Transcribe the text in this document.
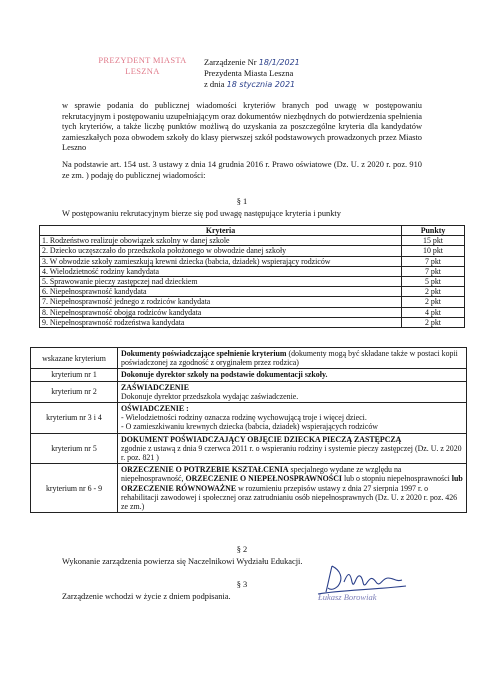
PREZYDENT MIASTA
LESZNA
Zarządzenie Nr 18/1/2021
Prezydenta Miasta Leszna
z dnia 18 stycznia 2021
w sprawie podania do publicznej wiadomości kryteriów branych pod uwagę w postępowaniu rekrutacyjnym i postępowaniu uzupełniającym oraz dokumentów niezbędnych do potwierdzenia spełnienia tych kryteriów, a także liczbę punktów możliwą do uzyskania za poszczególne kryteria dla kandydatów zamieszkałych poza obwodem szkoły do klasy pierwszej szkół podstawowych prowadzonych przez Miasto Leszno
Na podstawie art. 154 ust. 3 ustawy z dnia 14 grudnia 2016 r. Prawo oświatowe (Dz. U. z 2020 r. poz. 910 ze zm. ) podaję do publicznej wiadomości:
§ 1
W postępowaniu rekrutacyjnym bierze się pod uwagę następujące kryteria i punkty
Kryteria	Punkty
1. Rodzeństwo realizuje obowiązek szkolny w danej szkole	15 pkt
2. Dziecko uczęszczało do przedszkola położonego w obwodzie danej szkoły	10 pkt
3. W obwodzie szkoły zamieszkują krewni dziecka (babcia, dziadek) wspierający rodziców	7 pkt
4. Wielodzietność rodziny kandydata	7 pkt
5. Sprawowanie pieczy zastępczej nad dzieckiem	5 pkt
6. Niepełnosprawność kandydata	2 pkt
7. Niepełnosprawność jednego z rodziców kandydata	2 pkt
8. Niepełnosprawność obojga rodziców kandydata	4 pkt
9. Niepełnosprawność rodzeństwa kandydata	2 pkt
wskazane kryterium	Dokumenty poświadczające spełnienie kryterium (dokumenty mogą być składane także w postaci kopii poświadczonej za zgodność z oryginałem przez rodzica)
kryterium nr 1	Dokonuje dyrektor szkoły na podstawie dokumentacji szkoły.
kryterium nr 2	ZAŚWIADCZENIE
Dokonuje dyrektor przedszkola wydając zaświadczenie.
kryterium nr 3 i 4	OŚWIADCZENIE :
- Wielodzietności rodziny oznacza rodzinę wychowującą troje i więcej dzieci.
- O zamieszkiwaniu krewnych dziecka (babcia, dziadek) wspierających rodziców
kryterium nr 5	DOKUMENT POŚWIADCZAJĄCY OBJĘCIE DZIECKA PIECZĄ ZASTĘPCZĄ
zgodnie z ustawą z dnia 9 czerwca 2011 r. o wspieraniu rodziny i systemie pieczy zastępczej (Dz. U. z 2020 r. poz. 821 )
kryterium nr 6 - 9	ORZECZENIE O POTRZEBIE KSZTAŁCENIA specjalnego wydane ze względu na niepełnosprawność, ORZECZENIE O NIEPEŁNOSPRAWNOŚCI lub o stopniu niepełnosprawności lub ORZECZENIE RÓWNOWAŻNE w rozumieniu przepisów ustawy z dnia 27 sierpnia 1997 r. o rehabilitacji zawodowej i społecznej oraz zatrudnianiu osób niepełnosprawnych (Dz. U. z 2020 r. poz. 426 ze zm.)
§ 2
Wykonanie zarządzenia powierza się Naczelnikowi Wydziału Edukacji.
§ 3
Zarządzenie wchodzi w życie z dniem podpisania.	Łukasz Borowiak
